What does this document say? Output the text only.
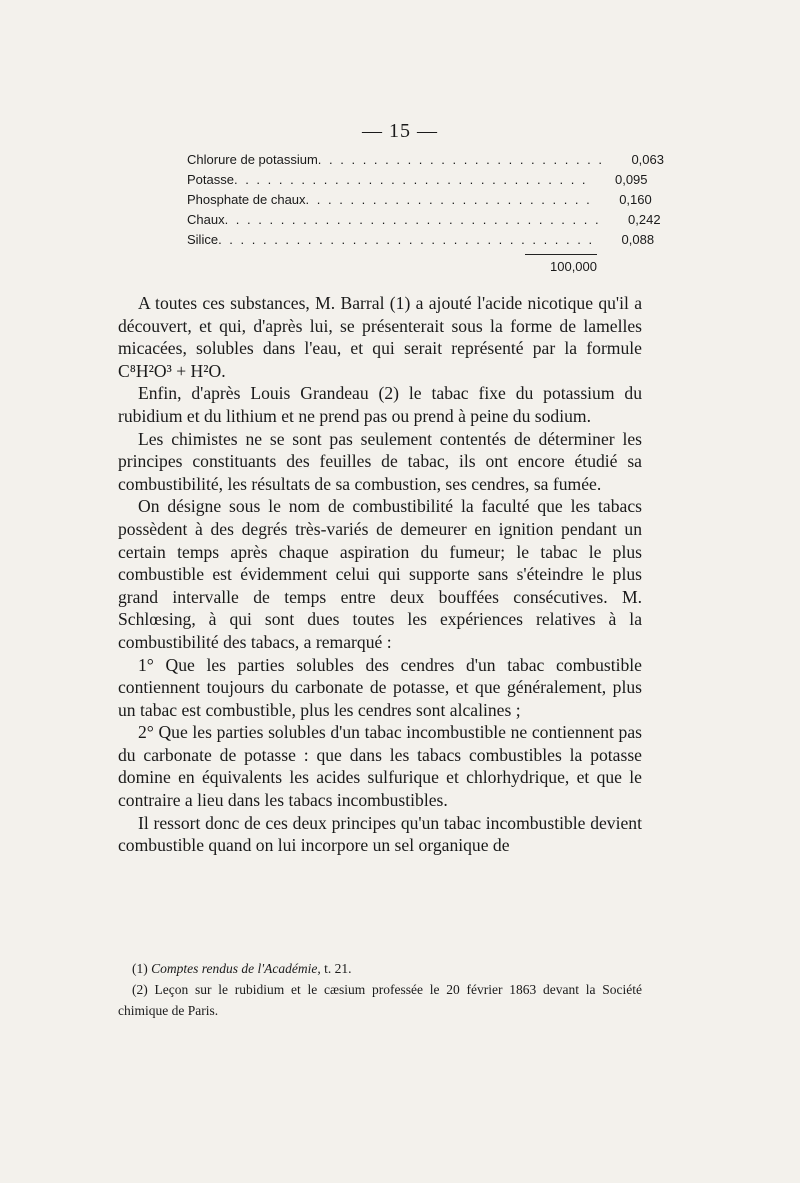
— 15 —
Chlorure de potassium . . . . . . . . . . . . . . . . . . . . . . . . . .	0,063
Potasse . . . . . . . . . . . . . . . . . . . . . . . . . . . . . . . .	0,095
Phosphate de chaux . . . . . . . . . . . . . . . . . . . . . . . . . .	0,160
Chaux . . . . . . . . . . . . . . . . . . . . . . . . . . . . . . . . . .	0,242
Silice . . . . . . . . . . . . . . . . . . . . . . . . . . . . . . . . . .	0,088
100,000

A toutes ces substances, M. Barral (1) a ajouté l'acide nicotique qu'il a découvert, et qui, d'après lui, se présenterait sous la forme de lamelles micacées, solubles dans l'eau, et qui serait représenté par la formule C⁸H²O³ + H²O.

Enfin, d'après Louis Grandeau (2) le tabac fixe du potassium du rubidium et du lithium et ne prend pas ou prend à peine du sodium.

Les chimistes ne se sont pas seulement contentés de déterminer les principes constituants des feuilles de tabac, ils ont encore étudié sa combustibilité, les résultats de sa combustion, ses cendres, sa fumée.

On désigne sous le nom de combustibilité la faculté que les tabacs possèdent à des degrés très-variés de demeurer en ignition pendant un certain temps après chaque aspiration du fumeur; le tabac le plus combustible est évidemment celui qui supporte sans s'éteindre le plus grand intervalle de temps entre deux bouffées consécutives. M. Schlœsing, à qui sont dues toutes les expériences relatives à la combustibilité des tabacs, a remarqué :

1° Que les parties solubles des cendres d'un tabac combustible contiennent toujours du carbonate de potasse, et que généralement, plus un tabac est combustible, plus les cendres sont alcalines ;

2° Que les parties solubles d'un tabac incombustible ne contiennent pas du carbonate de potasse : que dans les tabacs combustibles la potasse domine en équivalents les acides sulfurique et chlorhydrique, et que le contraire a lieu dans les tabacs incombustibles.

Il ressort donc de ces deux principes qu'un tabac incombustible devient combustible quand on lui incorpore un sel organique de

(1) Comptes rendus de l'Académie, t. 21.

(2) Leçon sur le rubidium et le cæsium professée le 20 février 1863 devant la Société chimique de Paris.
